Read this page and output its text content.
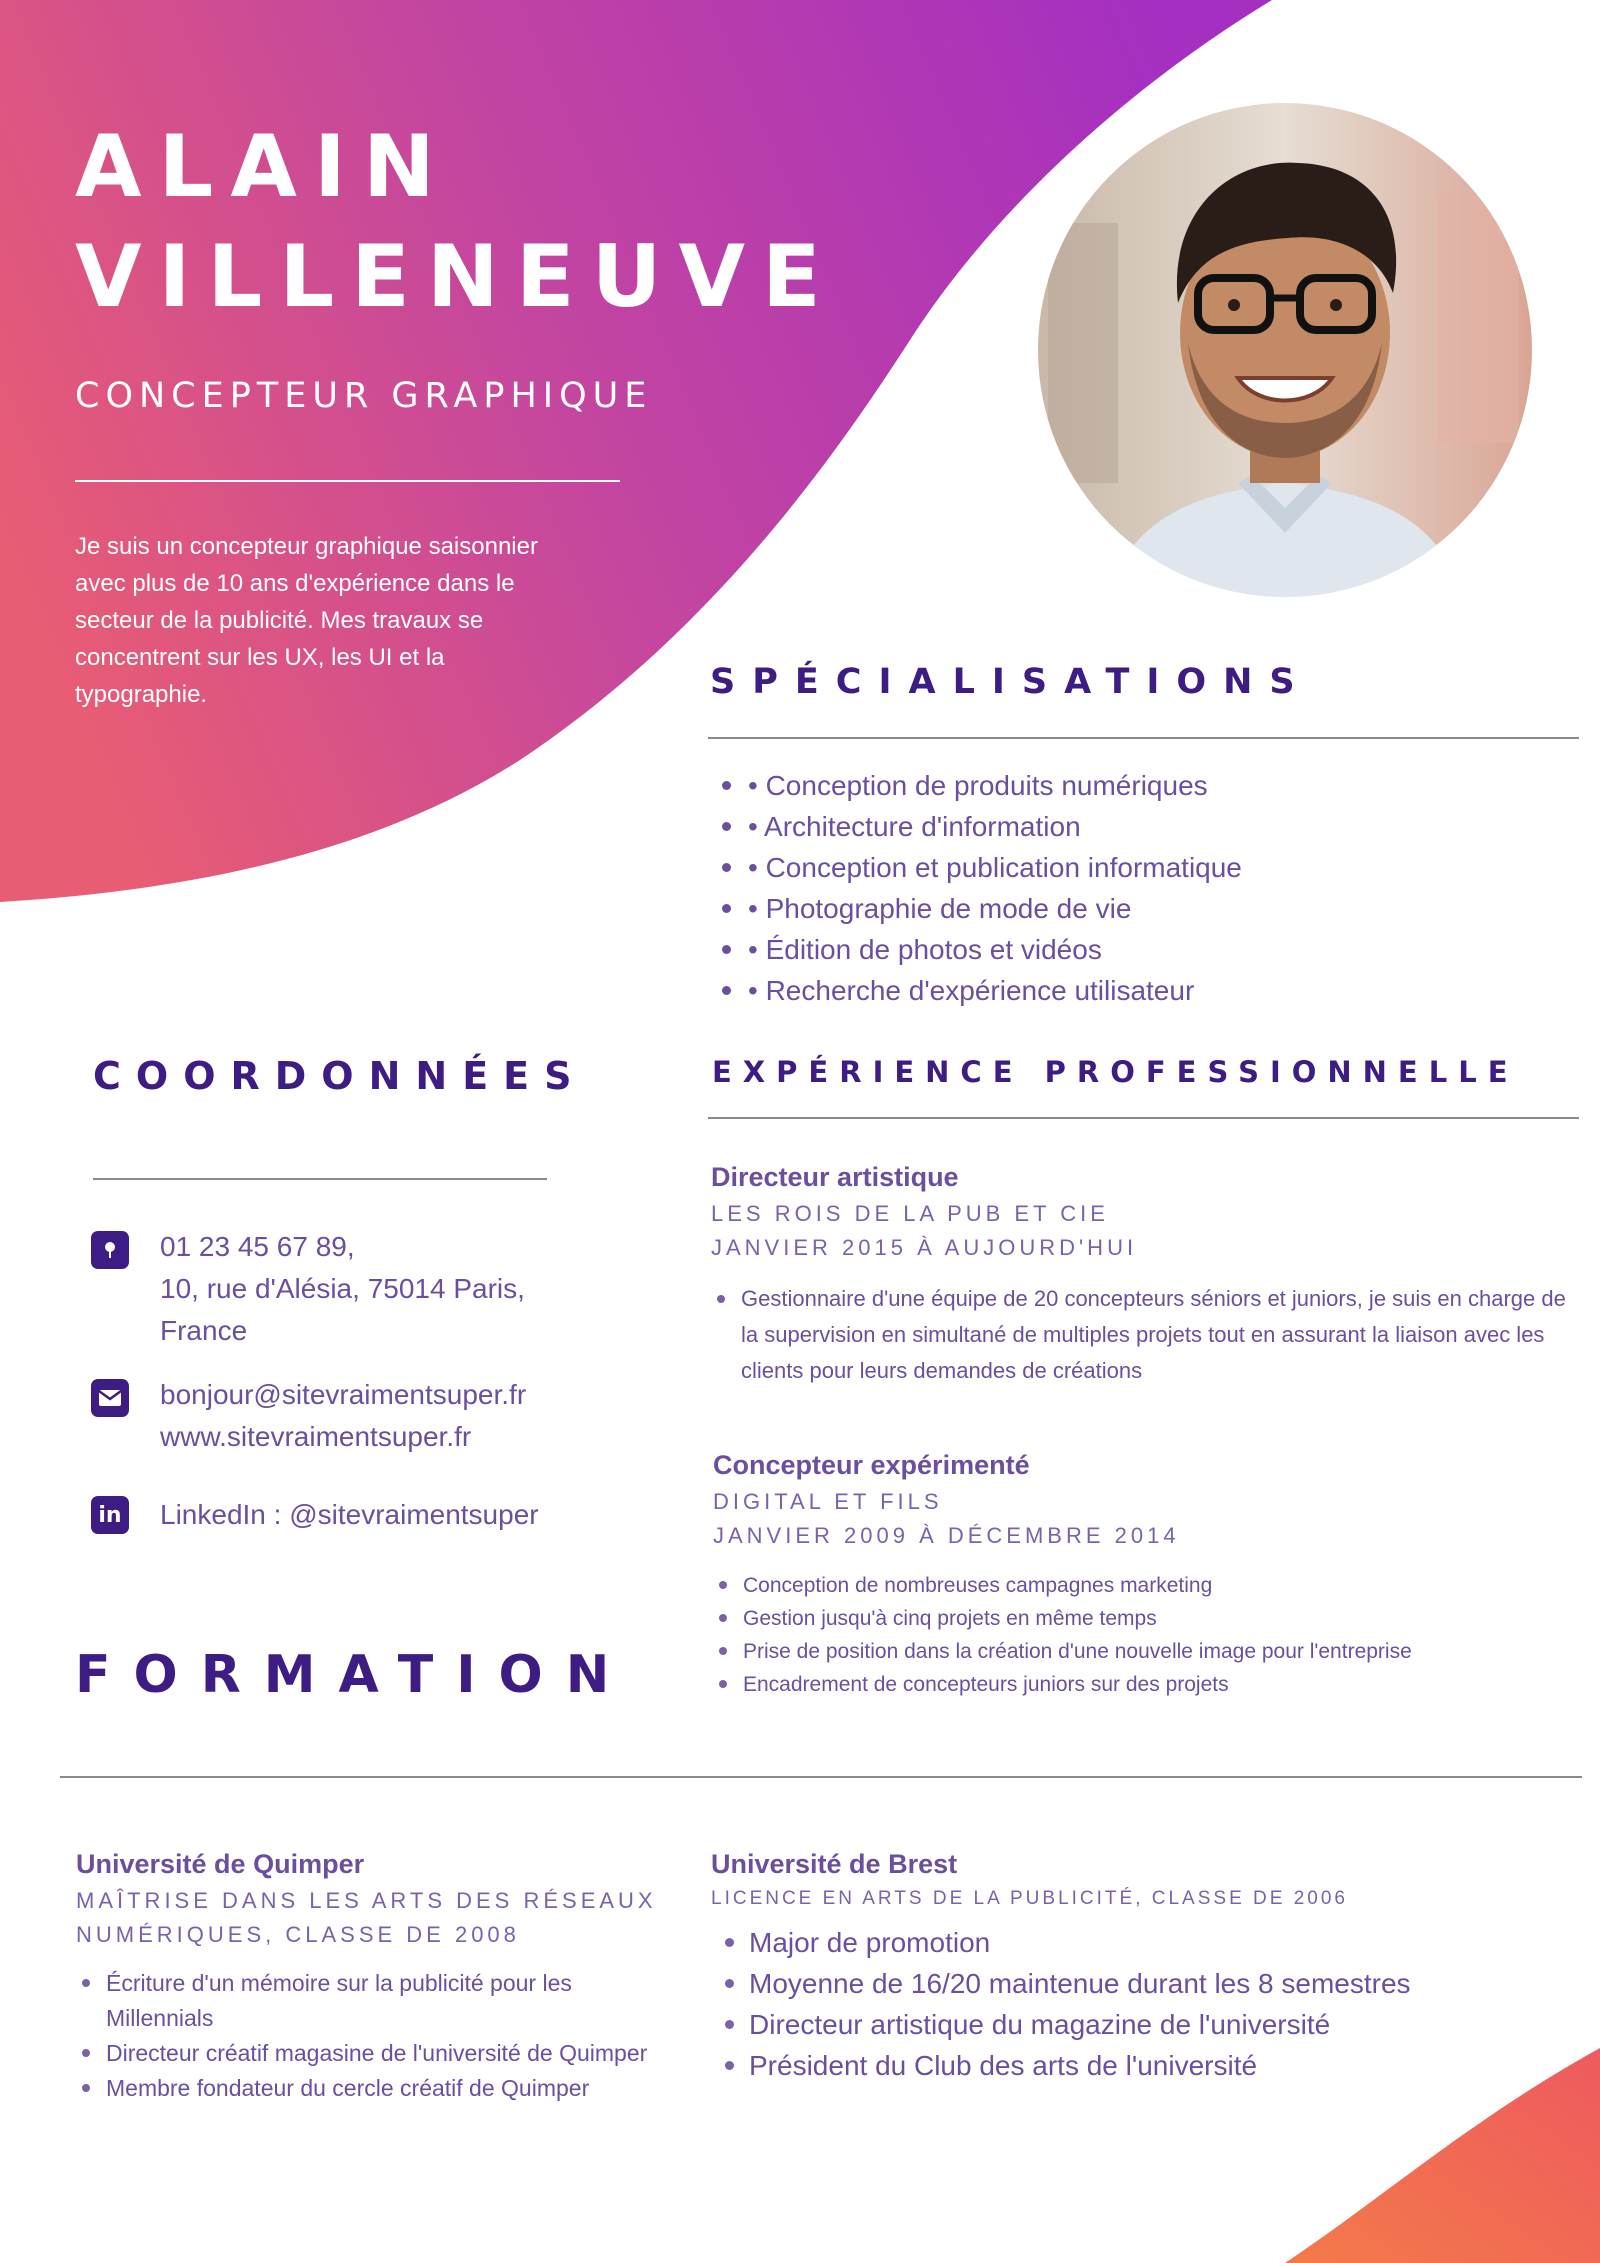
ALAIN
VILLENEUVE
CONCEPTEUR GRAPHIQUE

Je suis un concepteur graphique saisonnier avec plus de 10 ans d'expérience dans le secteur de la publicité. Mes travaux se concentrent sur les UX, les UI et la typographie.	SPÉCIALISATIONS
• Conception de produits numériques
• Architecture d'information
• Conception et publication informatique
• Photographie de mode de vie
• Édition de photos et vidéos
• Recherche d'expérience utilisateur
COORDONNÉES

01 23 45 67 89,
10, rue d'Alésia, 75014 Paris,
France

bonjour@sitevraimentsuper.fr
www.sitevraimentsuper.fr

in LinkedIn : @sitevraimentsuper

EXPÉRIENCE PROFESSIONNELLE

Directeur artistique

LES ROIS DE LA PUB ET CIE
JANVIER 2015 À AUJOURD'HUI

Gestionnaire d'une équipe de 20 concepteurs séniors et juniors, je suis en charge de la supervision en simultané de multiples projets tout en assurant la liaison avec les clients pour leurs demandes de créations

Concepteur expérimenté

DIGITAL ET FILS
JANVIER 2009 À DÉCEMBRE 2014

Conception de nombreuses campagnes marketing
Gestion jusqu'à cinq projets en même temps
Prise de position dans la création d'une nouvelle image pour l'entreprise
Encadrement de concepteurs juniors sur des projets
FORMATION

Université de Quimper

MAÎTRISE DANS LES ARTS DES RÉSEAUX
NUMÉRIQUES, CLASSE DE 2008

Écriture d'un mémoire sur la publicité pour les Millennials
Directeur créatif magasine de l'université de Quimper
Membre fondateur du cercle créatif de Quimper

Université de Brest

LICENCE EN ARTS DE LA PUBLICITÉ, CLASSE DE 2006

Major de promotion
Moyenne de 16/20 maintenue durant les 8 semestres
Directeur artistique du magazine de l'université
Président du Club des arts de l'université
